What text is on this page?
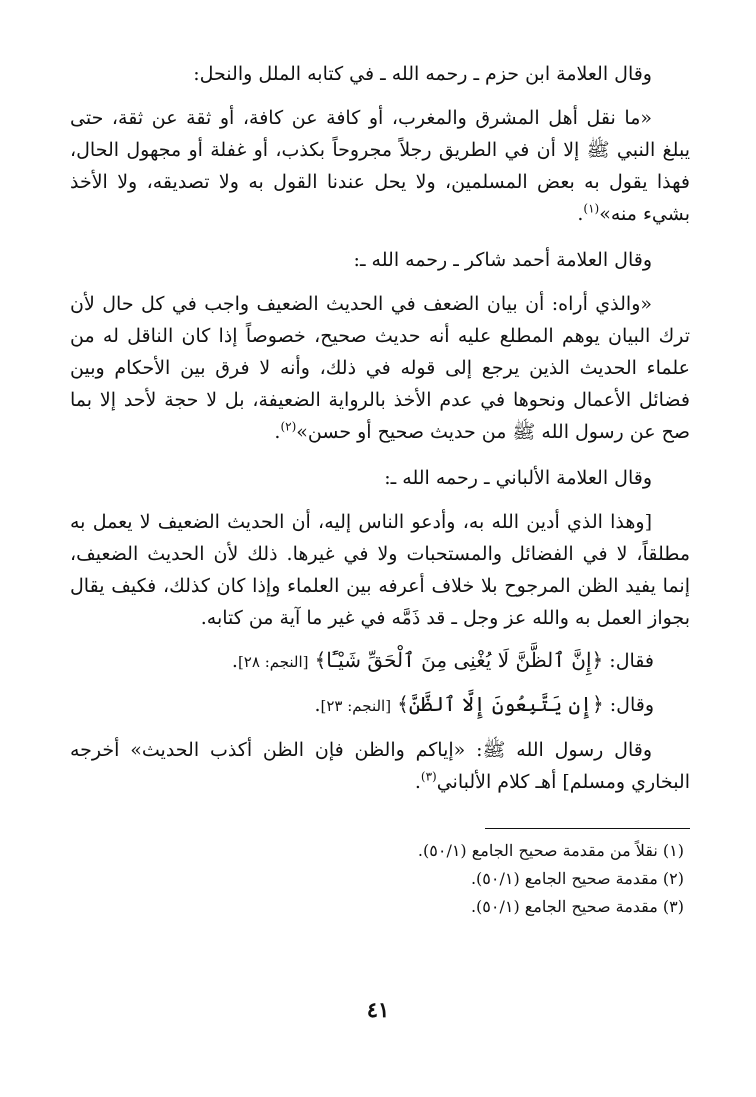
وقال العلامة ابن حزم ـ رحمه الله ـ في كتابه الملل والنحل:

«ما نقل أهل المشرق والمغرب، أو كافة عن كافة، أو ثقة عن ثقة، حتى يبلغ النبي ﷺ إلا أن في الطريق رجلاً مجروحاً بكذب، أو غفلة أو مجهول الحال، فهذا يقول به بعض المسلمين، ولا يحل عندنا القول به ولا تصديقه، ولا الأخذ بشيء منه»$^{(١)}$.

وقال العلامة أحمد شاكر ـ رحمه الله ـ:

«والذي أراه: أن بيان الضعف في الحديث الضعيف واجب في كل حال لأن ترك البيان يوهم المطلع عليه أنه حديث صحيح، خصوصاً إذا كان الناقل له من علماء الحديث الذين يرجع إلى قوله في ذلك، وأنه لا فرق بين الأحكام وبين فضائل الأعمال ونحوها في عدم الأخذ بالرواية الضعيفة، بل لا حجة لأحد إلا بما صح عن رسول الله ﷺ من حديث صحيح أو حسن»$^{(٢)}$.

وقال العلامة الألباني ـ رحمه الله ـ:

[وهذا الذي أدين الله به، وأدعو الناس إليه، أن الحديث الضعيف لا يعمل به مطلقاً، لا في الفضائل والمستحبات ولا في غيرها. ذلك لأن الحديث الضعيف، إنما يفيد الظن المرجوح بلا خلاف أعرفه بين العلماء وإذا كان كذلك، فكيف يقال بجواز العمل به والله عز وجل ـ قد ذَمَّه في غير ما آية من كتابه.

فقال: ﴿إِنَّ ٱلظَّنَّ لَا يُغْنِى مِنَ ٱلْحَقِّ شَيْـًٔا﴾ [النجم: ٢٨].

وقال: ﴿إِن يَتَّبِعُونَ إِلَّا ٱلظَّنَّ﴾ [النجم: ٢٣].

وقال رسول الله ﷺ: «إياكم والظن فإن الظن أكذب الحديث» أخرجه البخاري ومسلم] أهـ كلام الألباني$^{(٣)}$.

(١) نقلاً من مقدمة صحيح الجامع (٥٠/١).

(٢) مقدمة صحيح الجامع (٥٠/١).

(٣) مقدمة صحيح الجامع (٥٠/١).

٤١
